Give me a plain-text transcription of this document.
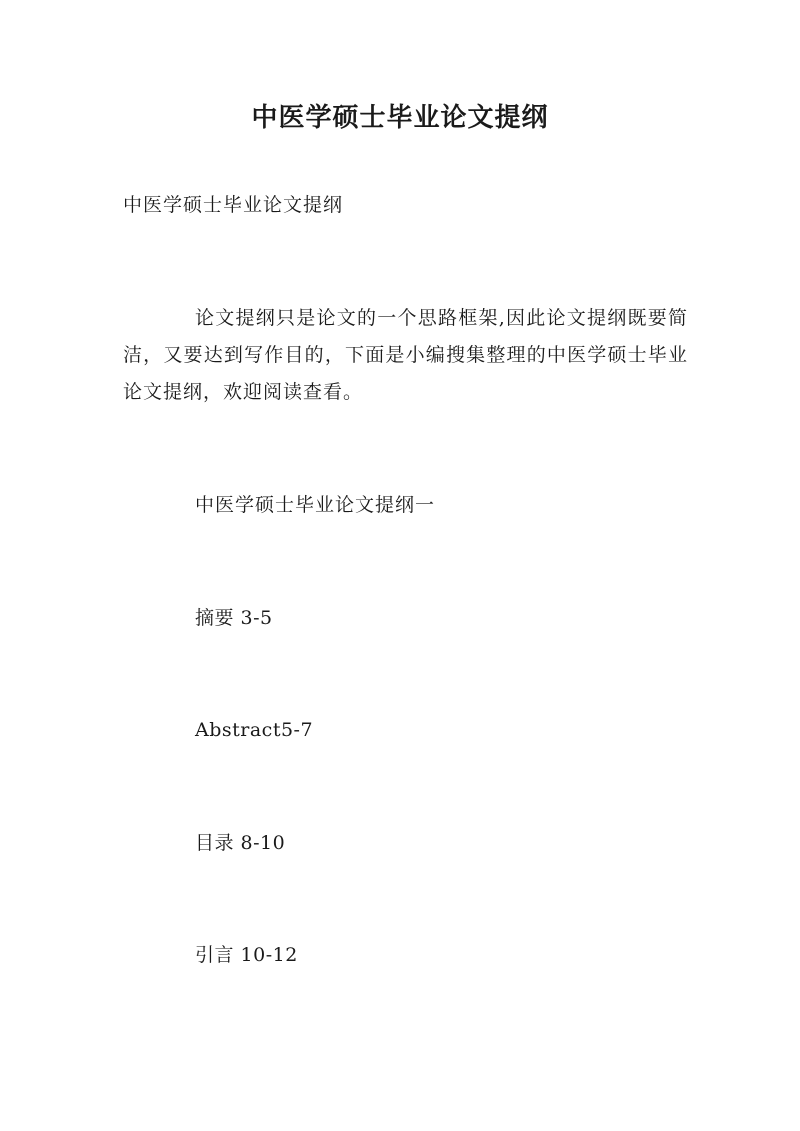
中医学硕士毕业论文提纲

中医学硕士毕业论文提纲

论文提纲只是论文的一个思路框架,因此论文提纲既要简洁，又要达到写作目的，下面是小编搜集整理的中医学硕士毕业论文提纲，欢迎阅读查看。

中医学硕士毕业论文提纲一

摘要 3-5

Abstract5-7

目录 8-10

引言 10-12
